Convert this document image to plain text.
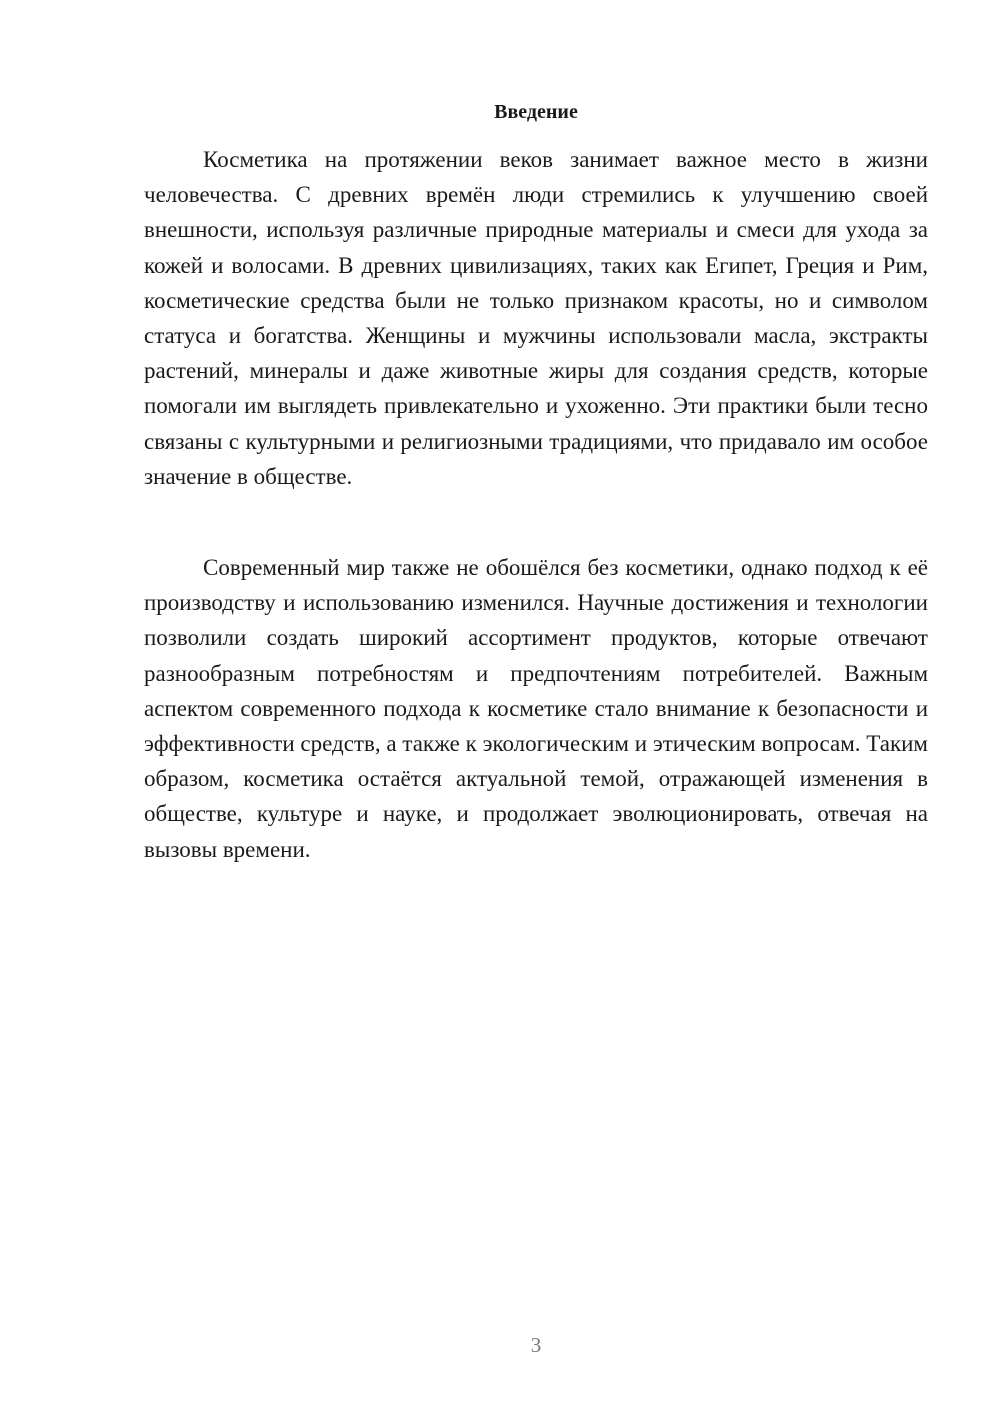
Введение

Косметика на протяжении веков занимает важное место в жизни человечества. С древних времён люди стремились к улучшению своей внешности, используя различные природные материалы и смеси для ухода за кожей и волосами. В древних цивилизациях, таких как Египет, Греция и Рим, косметические средства были не только признаком красоты, но и символом статуса и богатства. Женщины и мужчины использовали масла, экстракты растений, минералы и даже животные жиры для создания средств, которые помогали им выглядеть привлекательно и ухоженно. Эти практики были тесно связаны с культурными и религиозными традициями, что придавало им особое значение в обществе.

Современный мир также не обошёлся без косметики, однако подход к её производству и использованию изменился. Научные достижения и технологии позволили создать широкий ассортимент продуктов, которые отвечают разнообразным потребностям и предпочтениям потребителей. Важным аспектом современного подхода к косметике стало внимание к безопасности и эффективности средств, а также к экологическим и этическим вопросам. Таким образом, косметика остаётся актуальной темой, отражающей изменения в обществе, культуре и науке, и продолжает эволюционировать, отвечая на вызовы времени.

3
